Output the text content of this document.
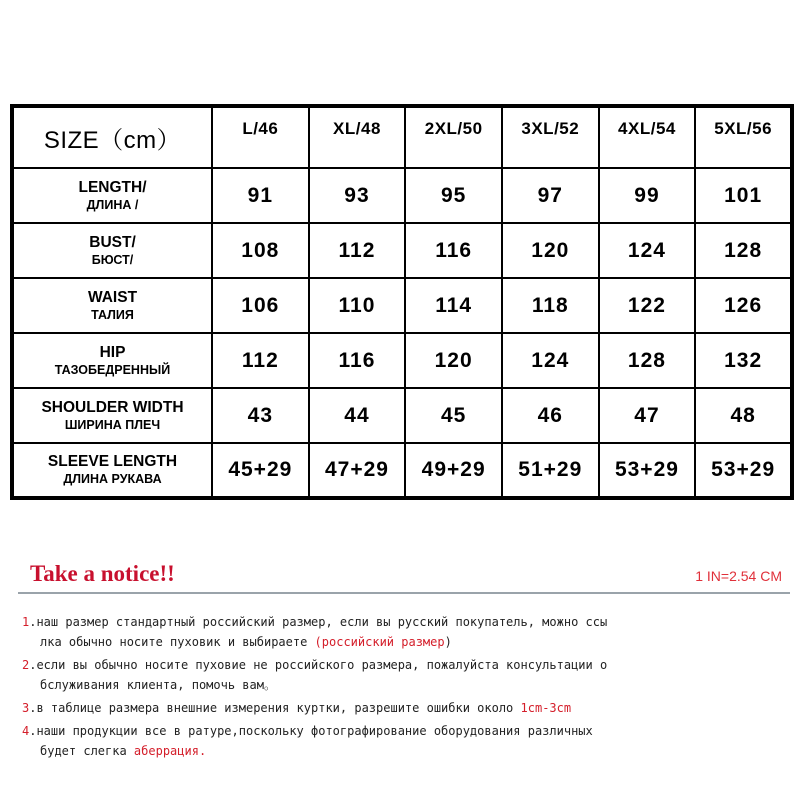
SIZE（cm）	L/46	XL/48	2XL/50	3XL/52	4XL/54	5XL/56

LENGTH/
ДЛИНА /	91	93	95	97	99	101

BUST/
БЮСТ/	108	112	116	120	124	128

WAIST
ТАЛИЯ	106	110	114	118	122	126

HIP
ТАЗОБЕДРЕННЫЙ	112	116	120	124	128	132

SHOULDER WIDTH
ШИРИНА ПЛЕЧ	43	44	45	46	47	48

SLEEVE LENGTH
ДЛИНА РУКАВА	45+29	47+29	49+29	51+29	53+29	53+29
Take a notice!!	1 IN=2.54 CM
1.наш размер стандартный российский размер, если вы русский покупатель, можно ссы
лка обычно носите пуховик и выбираете (российский размер)
2.если вы обычно носите пуховие не российского размера, пожалуйста консультации о
бслуживания клиента, помочь вам。
3.в таблице размера внешние измерения куртки, разрешите ошибки около 1cm-3cm
4.наши продукции все в ратуре,поскольку фотографирование оборудования различных
будет слегка аберрация.
